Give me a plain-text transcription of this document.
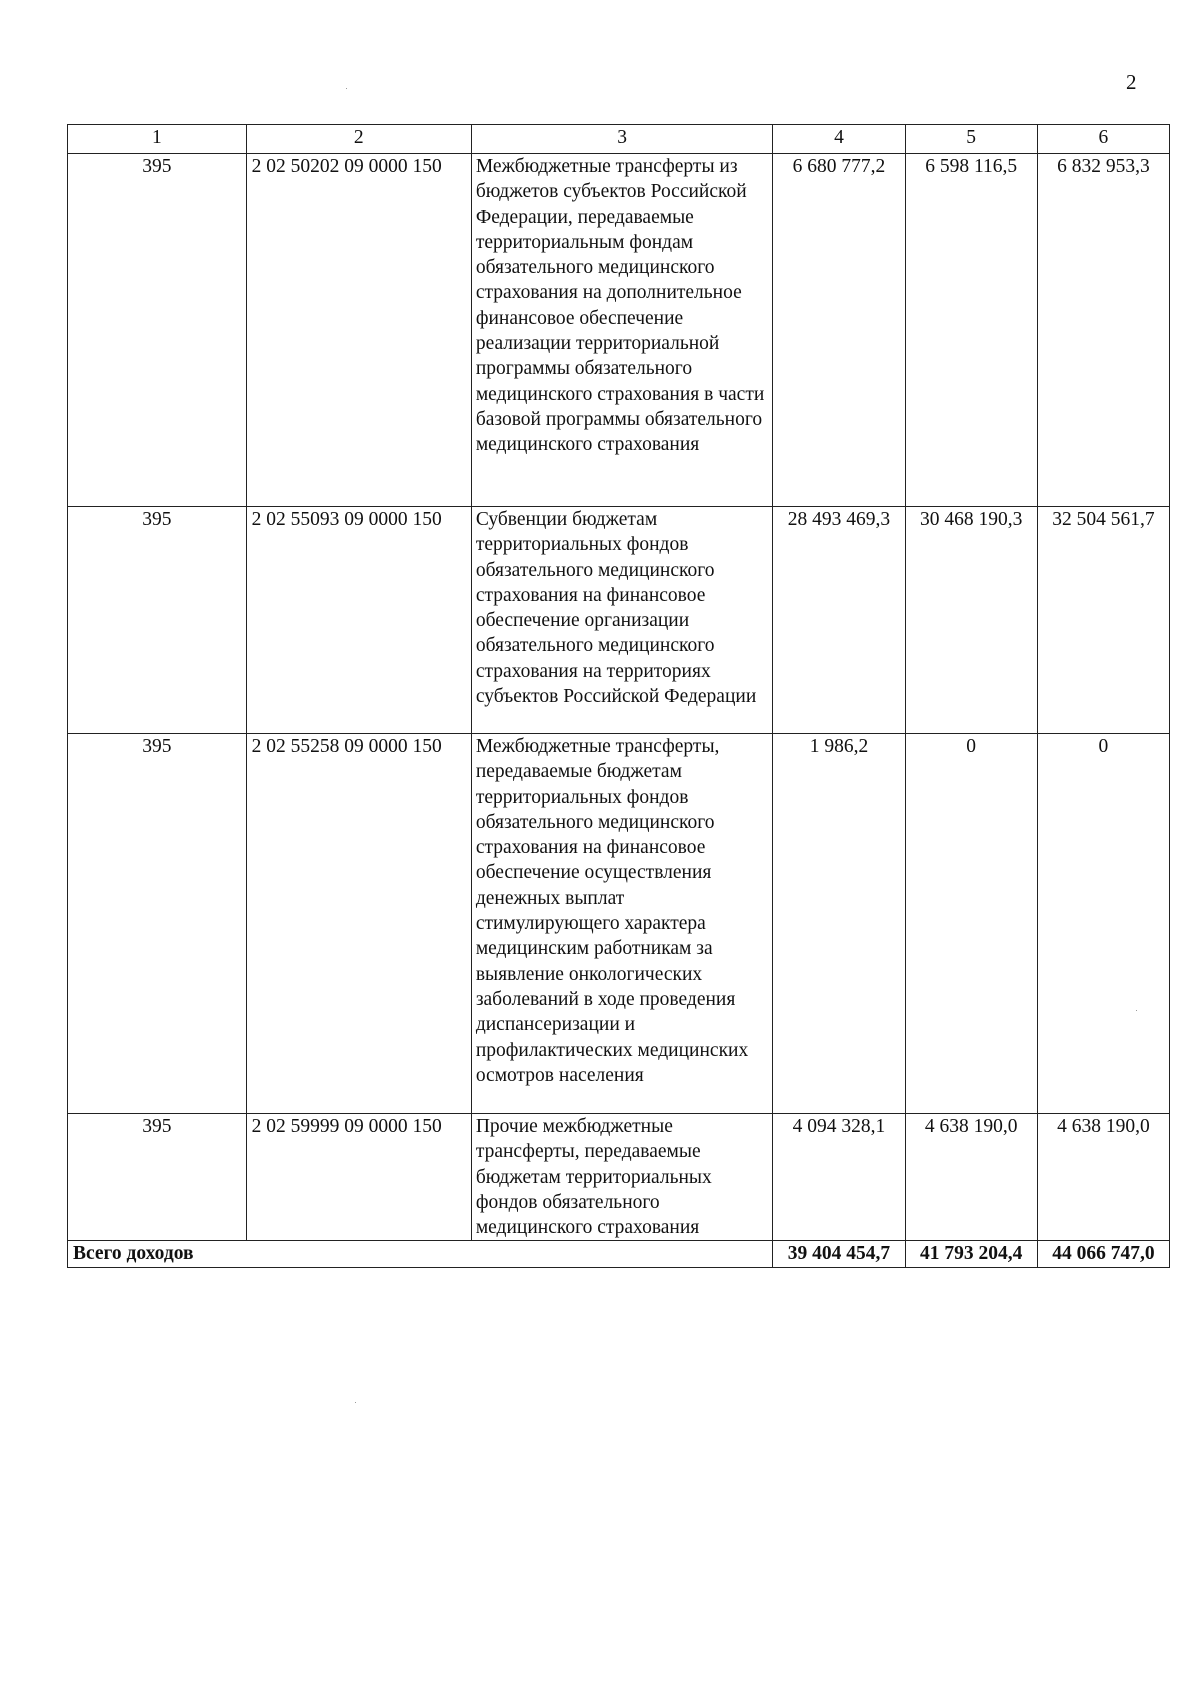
2
1	2	3	4	5	6
395	2 02 50202 09 0000 150	Межбюджетные трансферты из бюджетов субъектов Российской Федерации, передаваемые территориальным фондам обязательного медицинского страхования на дополнительное финансовое обеспечение реализации территориальной программы обязательного медицинского страхования в части базовой программы обязательного медицинского страхования	6 680 777,2	6 598 116,5	6 832 953,3
395	2 02 55093 09 0000 150	Субвенции бюджетам территориальных фондов обязательного медицинского страхования на финансовое обеспечение организации обязательного медицинского страхования на территориях субъектов Российской Федерации	28 493 469,3	30 468 190,3	32 504 561,7
395	2 02 55258 09 0000 150	Межбюджетные трансферты, передаваемые бюджетам территориальных фондов обязательного медицинского страхования на финансовое обеспечение осуществления денежных выплат стимулирующего характера медицинским работникам за выявление онкологических заболеваний в ходе проведения диспансеризации и профилактических медицинских осмотров населения	1 986,2	0	0
395	2 02 59999 09 0000 150	Прочие межбюджетные трансферты, передаваемые бюджетам территориальных фондов обязательного медицинского страхования	4 094 328,1	4 638 190,0	4 638 190,0
Всего доходов			39 404 454,7	41 793 204,4	44 066 747,0
